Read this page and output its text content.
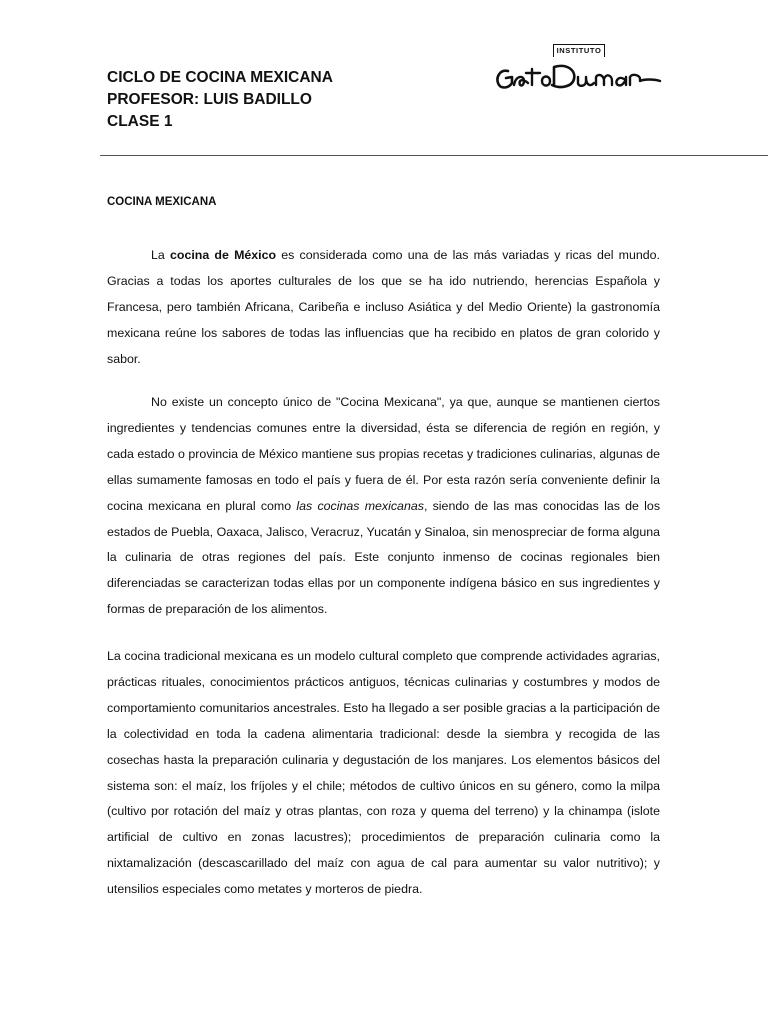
CICLO DE COCINA MEXICANA
PROFESOR: LUIS BADILLO
CLASE 1
INSTITUTO
COCINA MEXICANA

La cocina de México es considerada como una de las más variadas y ricas del mundo. Gracias a todas los aportes culturales de los que se ha ido nutriendo, herencias Española y Francesa, pero también Africana, Caribeña e incluso Asiática y del Medio Oriente) la gastronomía mexicana reúne los sabores de todas las influencias que ha recibido en platos de gran colorido y sabor.

No existe un concepto único de "Cocina Mexicana", ya que, aunque se mantienen ciertos ingredientes y tendencias comunes entre la diversidad, ésta se diferencia de región en región, y cada estado o provincia de México mantiene sus propias recetas y tradiciones culinarias, algunas de ellas sumamente famosas en todo el país y fuera de él. Por esta razón sería conveniente definir la cocina mexicana en plural como las cocinas mexicanas, siendo de las mas conocidas las de los estados de Puebla, Oaxaca, Jalisco, Veracruz, Yucatán y Sinaloa, sin menospreciar de forma alguna la culinaria de otras regiones del país. Este conjunto inmenso de cocinas regionales bien diferenciadas se caracterizan todas ellas por un componente indígena básico en sus ingredientes y formas de preparación de los alimentos.

La cocina tradicional mexicana es un modelo cultural completo que comprende actividades agrarias, prácticas rituales, conocimientos prácticos antiguos, técnicas culinarias y costumbres y modos de comportamiento comunitarios ancestrales. Esto ha llegado a ser posible gracias a la participación de la colectividad en toda la cadena alimentaria tradicional: desde la siembra y recogida de las cosechas hasta la preparación culinaria y degustación de los manjares. Los elementos básicos del sistema son: el maíz, los fríjoles y el chile; métodos de cultivo únicos en su género, como la milpa (cultivo por rotación del maíz y otras plantas, con roza y quema del terreno) y la chinampa (islote artificial de cultivo en zonas lacustres); procedimientos de preparación culinaria como la nixtamalización (descascarillado del maíz con agua de cal para aumentar su valor nutritivo); y utensilios especiales como metates y morteros de piedra.
